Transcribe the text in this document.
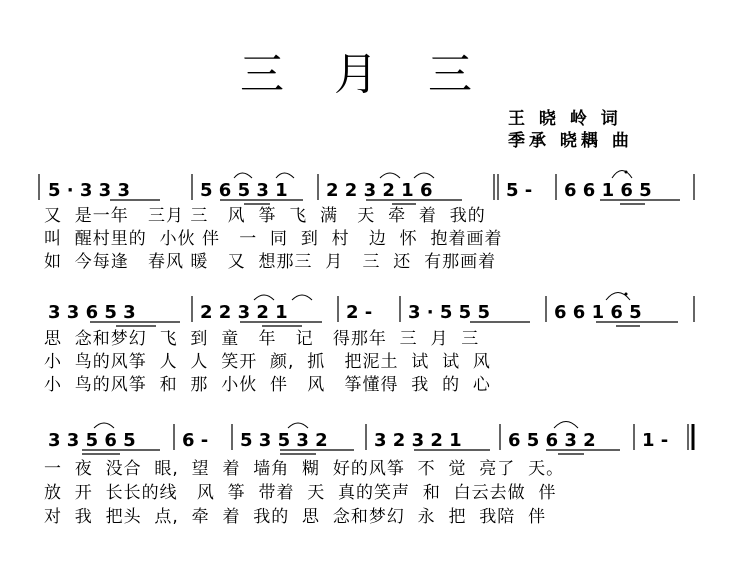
三 月 三
王 晓 岭 词
季承 晓耦 曲
5 · 3 3 3	5 6 5 3 1 2 2 3 2 1 6	5 - 6 6 1 6 5
3 3 6 5 3	2 2 3 2 1	2 - 3 · 5 5 5	6 6 1 6 5
3 3 5 6 5	6 - 5 3 5 3 2	3 2 3 2 1	6 5 6 3 2	1 -
又  是一年   三月 三   风  筝  飞  满   天  牵  着  我的
叫  醒村里的  小伙 伴   一  同  到  村   边  怀  抱着画着
如  今每逢   春风 暖   又  想那三  月   三  还  有那画着
思  念和梦幻  飞  到  童   年   记   得那年  三  月  三
小  鸟的风筝  人  人  笑开  颜,  抓   把泥土  试  试  风
小  鸟的风筝  和  那  小伙  伴   风   筝懂得  我  的  心
一  夜  没合  眼,  望  着  墙角  糊  好的风筝  不  觉  亮了  天。
放  开  长长的线   风  筝  带着  天  真的笑声  和  白云去做  伴
对  我  把头  点,  牵  着  我的  思  念和梦幻  永  把  我陪  伴
